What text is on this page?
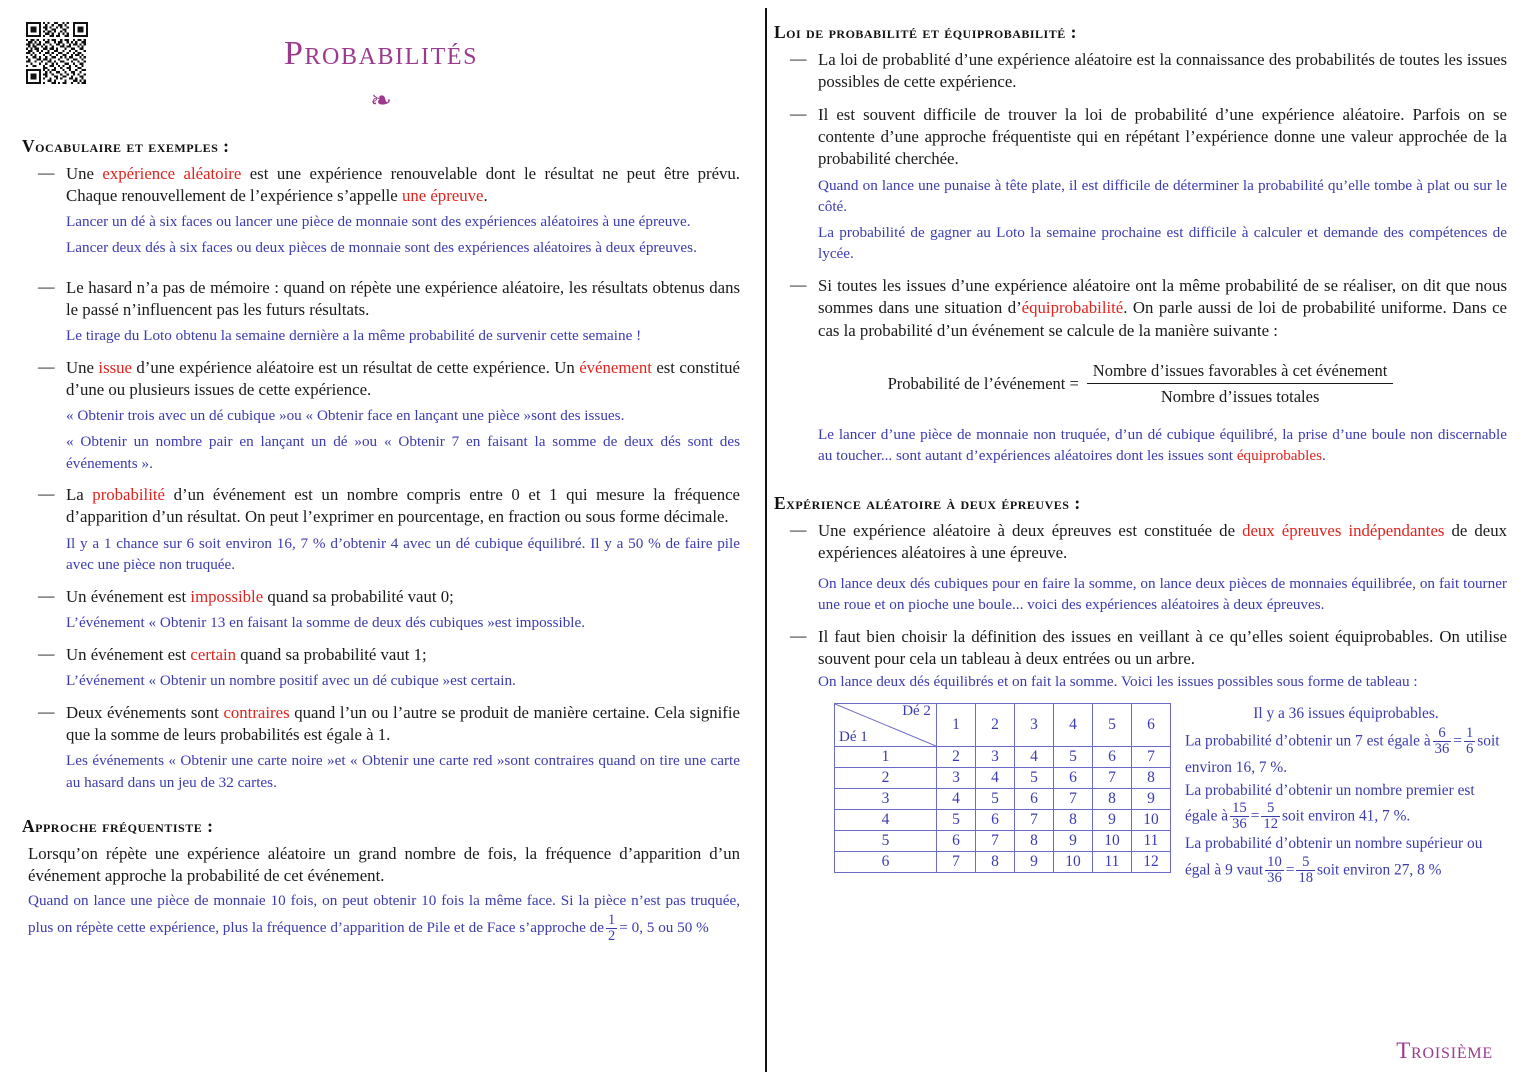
Probabilités
❧
Vocabulaire et exemples :

— Une expérience aléatoire est une expérience renouvelable dont le résultat ne peut être prévu. Chaque renouvellement de l’expérience s’appelle une épreuve.

Lancer un dé à six faces ou lancer une pièce de monnaie sont des expériences aléatoires à une épreuve.

Lancer deux dés à six faces ou deux pièces de monnaie sont des expériences aléatoires à deux épreuves.

— Le hasard n’a pas de mémoire : quand on répète une expérience aléatoire, les résultats obtenus dans le passé n’influencent pas les futurs résultats.

Le tirage du Loto obtenu la semaine dernière a la même probabilité de survenir cette semaine !

— Une issue d’une expérience aléatoire est un résultat de cette expérience. Un événement est constitué d’une ou plusieurs issues de cette expérience.

« Obtenir trois avec un dé cubique »ou « Obtenir face en lançant une pièce »sont des issues.

« Obtenir un nombre pair en lançant un dé »ou « Obtenir 7 en faisant la somme de deux dés sont des événements ».

— La probabilité d’un événement est un nombre compris entre 0 et 1 qui mesure la fréquence d’apparition d’un résultat. On peut l’exprimer en pourcentage, en fraction ou sous forme décimale.

Il y a 1 chance sur 6 soit environ 16, 7 % d’obtenir 4 avec un dé cubique équilibré. Il y a 50 % de faire pile avec une pièce non truquée.

— Un événement est impossible quand sa probabilité vaut 0;

L’événement « Obtenir 13 en faisant la somme de deux dés cubiques »est impossible.

— Un événement est certain quand sa probabilité vaut 1;

L’événement « Obtenir un nombre positif avec un dé cubique »est certain.

— Deux événements sont contraires quand l’un ou l’autre se produit de manière certaine. Cela signifie que la somme de leurs probabilités est égale à 1.

Les événements « Obtenir une carte noire »et « Obtenir une carte red »sont contraires quand on tire une carte au hasard dans un jeu de 32 cartes.

Approche fréquentiste :

Lorsqu’on répète une expérience aléatoire un grand nombre de fois, la fréquence d’apparition d’un événement approche la probabilité de cet événement.

Quand on lance une pièce de monnaie 10 fois, on peut obtenir 10 fois la même face. Si la pièce n’est pas truquée, plus on répète cette expérience, plus la fréquence d’apparition de Pile et de Face s’approche de $\frac{1}{2} = 0$, 5 ou 50 %

Loi de probabilité et équiprobabilité :

— La loi de probablité d’une expérience aléatoire est la connaissance des probabilités de toutes les issues possibles de cette expérience.

— Il est souvent difficile de trouver la loi de probabilité d’une expérience aléatoire. Parfois on se contente d’une approche fréquentiste qui en répétant l’expérience donne une valeur approchée de la probabilité cherchée.

Quand on lance une punaise à tête plate, il est difficile de déterminer la probabilité qu’elle tombe à plat ou sur le côté.

La probabilité de gagner au Loto la semaine prochaine est difficile à calculer et demande des compétences de lycée.

— Si toutes les issues d’une expérience aléatoire ont la même probabilité de se réaliser, on dit que nous sommes dans une situation d’équiprobabilité. On parle aussi de loi de probabilité uniforme. Dans ce cas la probabilité d’un événement se calcule de la manière suivante :

Probabilité de l’événement = $\frac{\text{Nombre d’issues favorables à cet événement}}{\text{Nombre d’issues totales}}$

Le lancer d’une pièce de monnaie non truquée, d’un dé cubique équilibré, la prise d’une boule non discernable au toucher... sont autant d’expériences aléatoires dont les issues sont équiprobables.

Expérience aléatoire à deux épreuves :

— Une expérience aléatoire à deux épreuves est constituée de deux épreuves indépendantes de deux expériences aléatoires à une épreuve.

On lance deux dés cubiques pour en faire la somme, on lance deux pièces de monnaies équilibrée, on fait tourner une roue et on pioche une boule... voici des expériences aléatoires à deux épreuves.

— Il faut bien choisir la définition des issues en veillant à ce qu’elles soient équiprobables. On utilise souvent pour cela un tableau à deux entrées ou un arbre.

On lance deux dés équilibrés et on fait la somme. Voici les issues possibles sous forme de tableau :

Dé 2
Dé 1	1	2	3	4	5	6
1	2	3	4	5	6	7
2	3	4	5	6	7	8
3	4	5	6	7	8	9
4	5	6	7	8	9	10
5	6	7	8	9	10	11
6	7	8	9	10	11	12

Il y a 36 issues équiprobables.

La probabilité d’obtenir un 7 est égale à $\frac{6}{36} = \frac{1}{6}$ soit environ 16, 7 %.

La probabilité d’obtenir un nombre premier est égale à $\frac{15}{36} = \frac{5}{12}$ soit environ 41, 7 %.

La probabilité d’obtenir un nombre supérieur ou égal à 9 vaut $\frac{10}{36} = \frac{5}{18}$ soit environ 27, 8 %

Troisième
